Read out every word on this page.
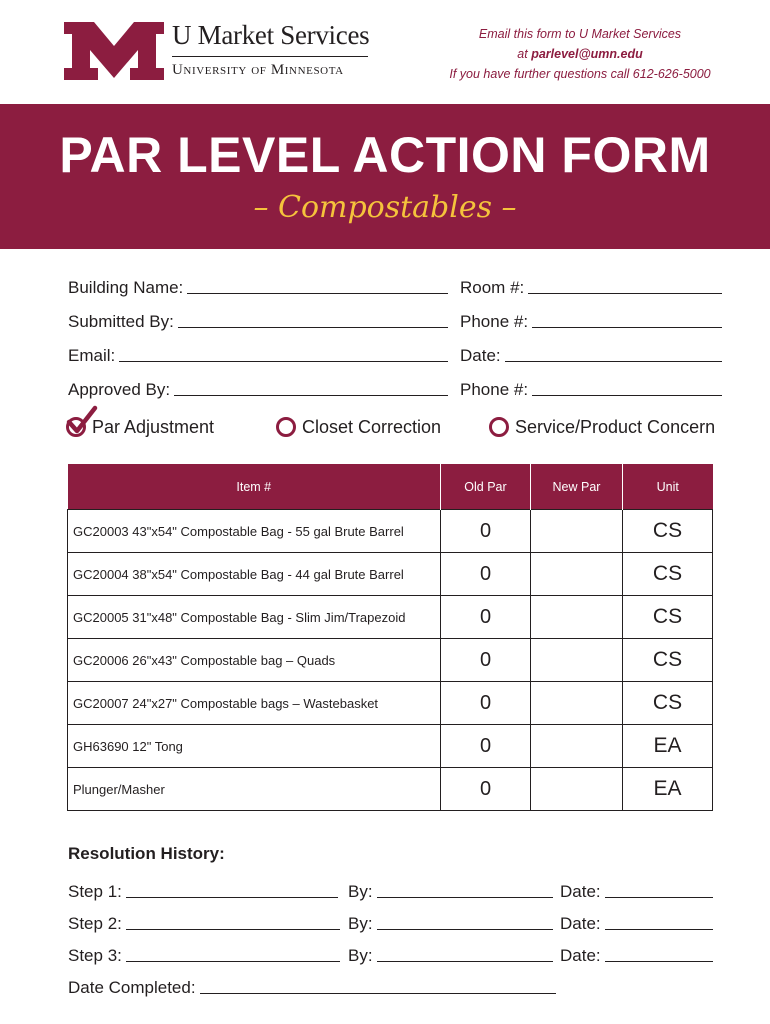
U Market Services
University of Minnesota
Email this form to U Market Services
at parlevel@umn.edu
If you have further questions call 612-626-5000
PAR LEVEL ACTION FORM
– Compostables –
Building Name:	Room #:
Submitted By:	Phone #:
Email:	Date:
Approved By:	Phone #:
Par Adjustment	Closet Correction	Service/Product Concern
Item #	Old Par	New Par	Unit
GC20003 43"x54" Compostable Bag - 55 gal Brute Barrel	0		CS
GC20004 38"x54" Compostable Bag - 44 gal Brute Barrel	0		CS
GC20005 31"x48" Compostable Bag - Slim Jim/Trapezoid	0		CS
GC20006 26"x43" Compostable bag – Quads	0		CS
GC20007 24"x27" Compostable bags – Wastebasket	0		CS
GH63690 12" Tong	0		EA
Plunger/Masher	0		EA
Resolution History:
Step 1:	By:	Date:
Step 2:	By:	Date:
Step 3:	By:	Date:
Date Completed:
